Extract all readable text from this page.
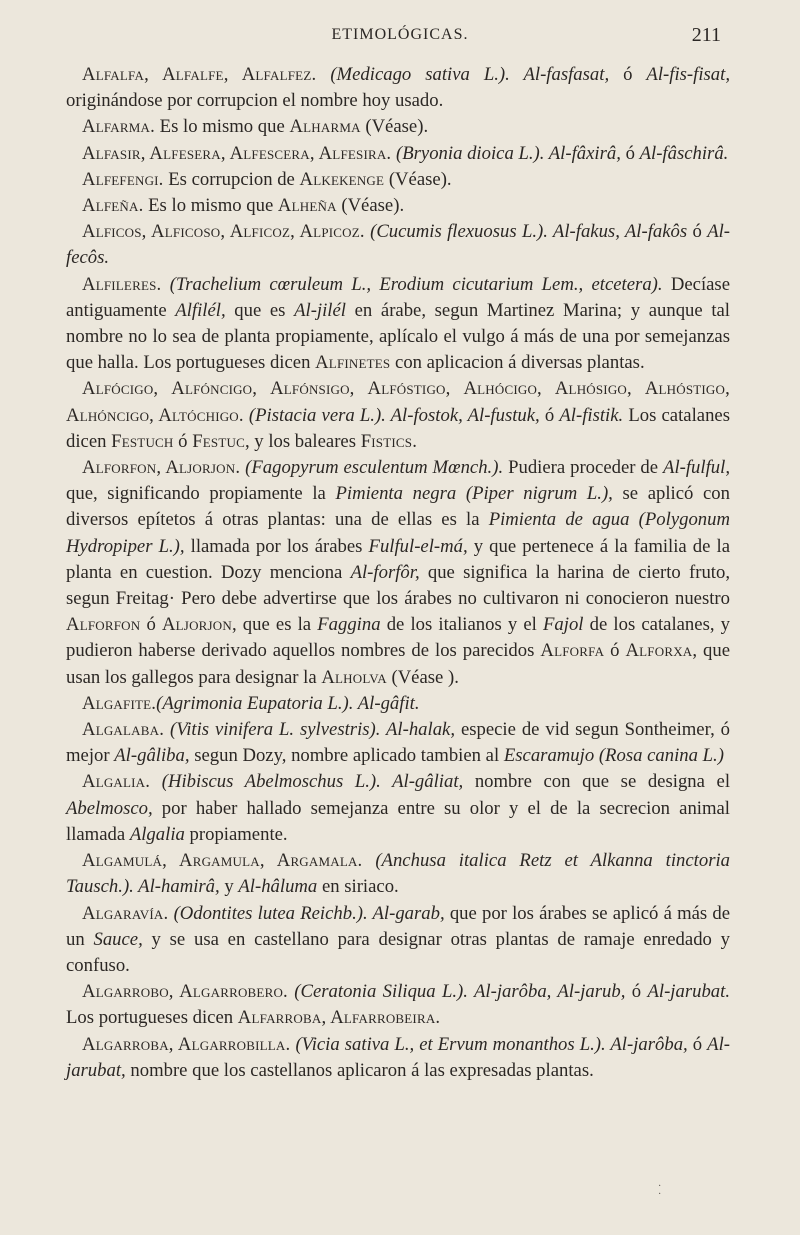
ETIMOLÓGICAS.	211

Alfalfa, Alfalfe, Alfalfez. (Medicago sativa L.). Al-fasfasat, ó Al-fis-fisat, originándose por corrupcion el nombre hoy usado.

Alfarma. Es lo mismo que Alharma (Véase).

Alfasir, Alfesera, Alfescera, Alfesira. (Bryonia dioica L.). Al-fâxirâ, ó Al-fâschirâ.

Alfefengi. Es corrupcion de Alkekenge (Véase).

Alfeña. Es lo mismo que Alheña (Véase).

Alficos, Alficoso, Alficoz, Alpicoz. (Cucumis flexuosus L.). Al-fakus, Al-fakôs ó Al-fecôs.

Alfileres. (Trachelium cœruleum L., Erodium cicutarium Lem., etcetera). Decíase antiguamente Alfilél, que es Al-jilél en árabe, segun Martinez Marina; y aunque tal nombre no lo sea de planta propiamente, aplícalo el vulgo á más de una por semejanzas que halla. Los portugueses dicen Alfinetes con aplicacion á diversas plantas.

Alfócigo, Alfóncigo, Alfónsigo, Alfóstigo, Alhócigo, Alhósigo, Alhóstigo, Alhóncigo, Altóchigo. (Pistacia vera L.). Al-fostok, Al-fustuk, ó Al-fistik. Los catalanes dicen Festuch ó Festuc, y los baleares Fistics.

Alforfon, Aljorjon. (Fagopyrum esculentum Mœnch.). Pudiera proceder de Al-fulful, que, significando propiamente la Pimienta negra (Piper nigrum L.), se aplicó con diversos epítetos á otras plantas: una de ellas es la Pimienta de agua (Polygonum Hydropiper L.), llamada por los árabes Fulful-el-má, y que pertenece á la familia de la planta en cuestion. Dozy menciona Al-forfôr, que significa la harina de cierto fruto, segun Freitag· Pero debe advertirse que los árabes no cultivaron ni conocieron nuestro Alforfon ó Aljorjon, que es la Faggina de los italianos y el Fajol de los catalanes, y pudieron haberse derivado aquellos nombres de los parecidos Alforfa ó Alforxa, que usan los gallegos para designar la Alholva (Véase ).

Algafite.(Agrimonia Eupatoria L.). Al-gâfit.

Algalaba. (Vitis vinifera L. sylvestris). Al-halak, especie de vid segun Sontheimer, ó mejor Al-gâliba, segun Dozy, nombre aplicado tambien al Escaramujo (Rosa canina L.)

Algalia. (Hibiscus Abelmoschus L.). Al-gâliat, nombre con que se designa el Abelmosco, por haber hallado semejanza entre su olor y el de la secrecion animal llamada Algalia propiamente.

Algamulá, Argamula, Argamala. (Anchusa italica Retz et Alkanna tinctoria Tausch.). Al-hamirâ, y Al-hâluma en siriaco.

Algaravía. (Odontites lutea Reichb.). Al-garab, que por los árabes se aplicó á más de un Sauce, y se usa en castellano para designar otras plantas de ramaje enredado y confuso.

Algarrobo, Algarrobero. (Ceratonia Siliqua L.). Al-jarôba, Al-jarub, ó Al-jarubat. Los portugueses dicen Alfarroba, Alfarrobeira.

Algarroba, Algarrobilla. (Vicia sativa L., et Ervum monanthos L.). Al-jarôba, ó Al-jarubat, nombre que los castellanos aplicaron á las expresadas plantas.

·
·
